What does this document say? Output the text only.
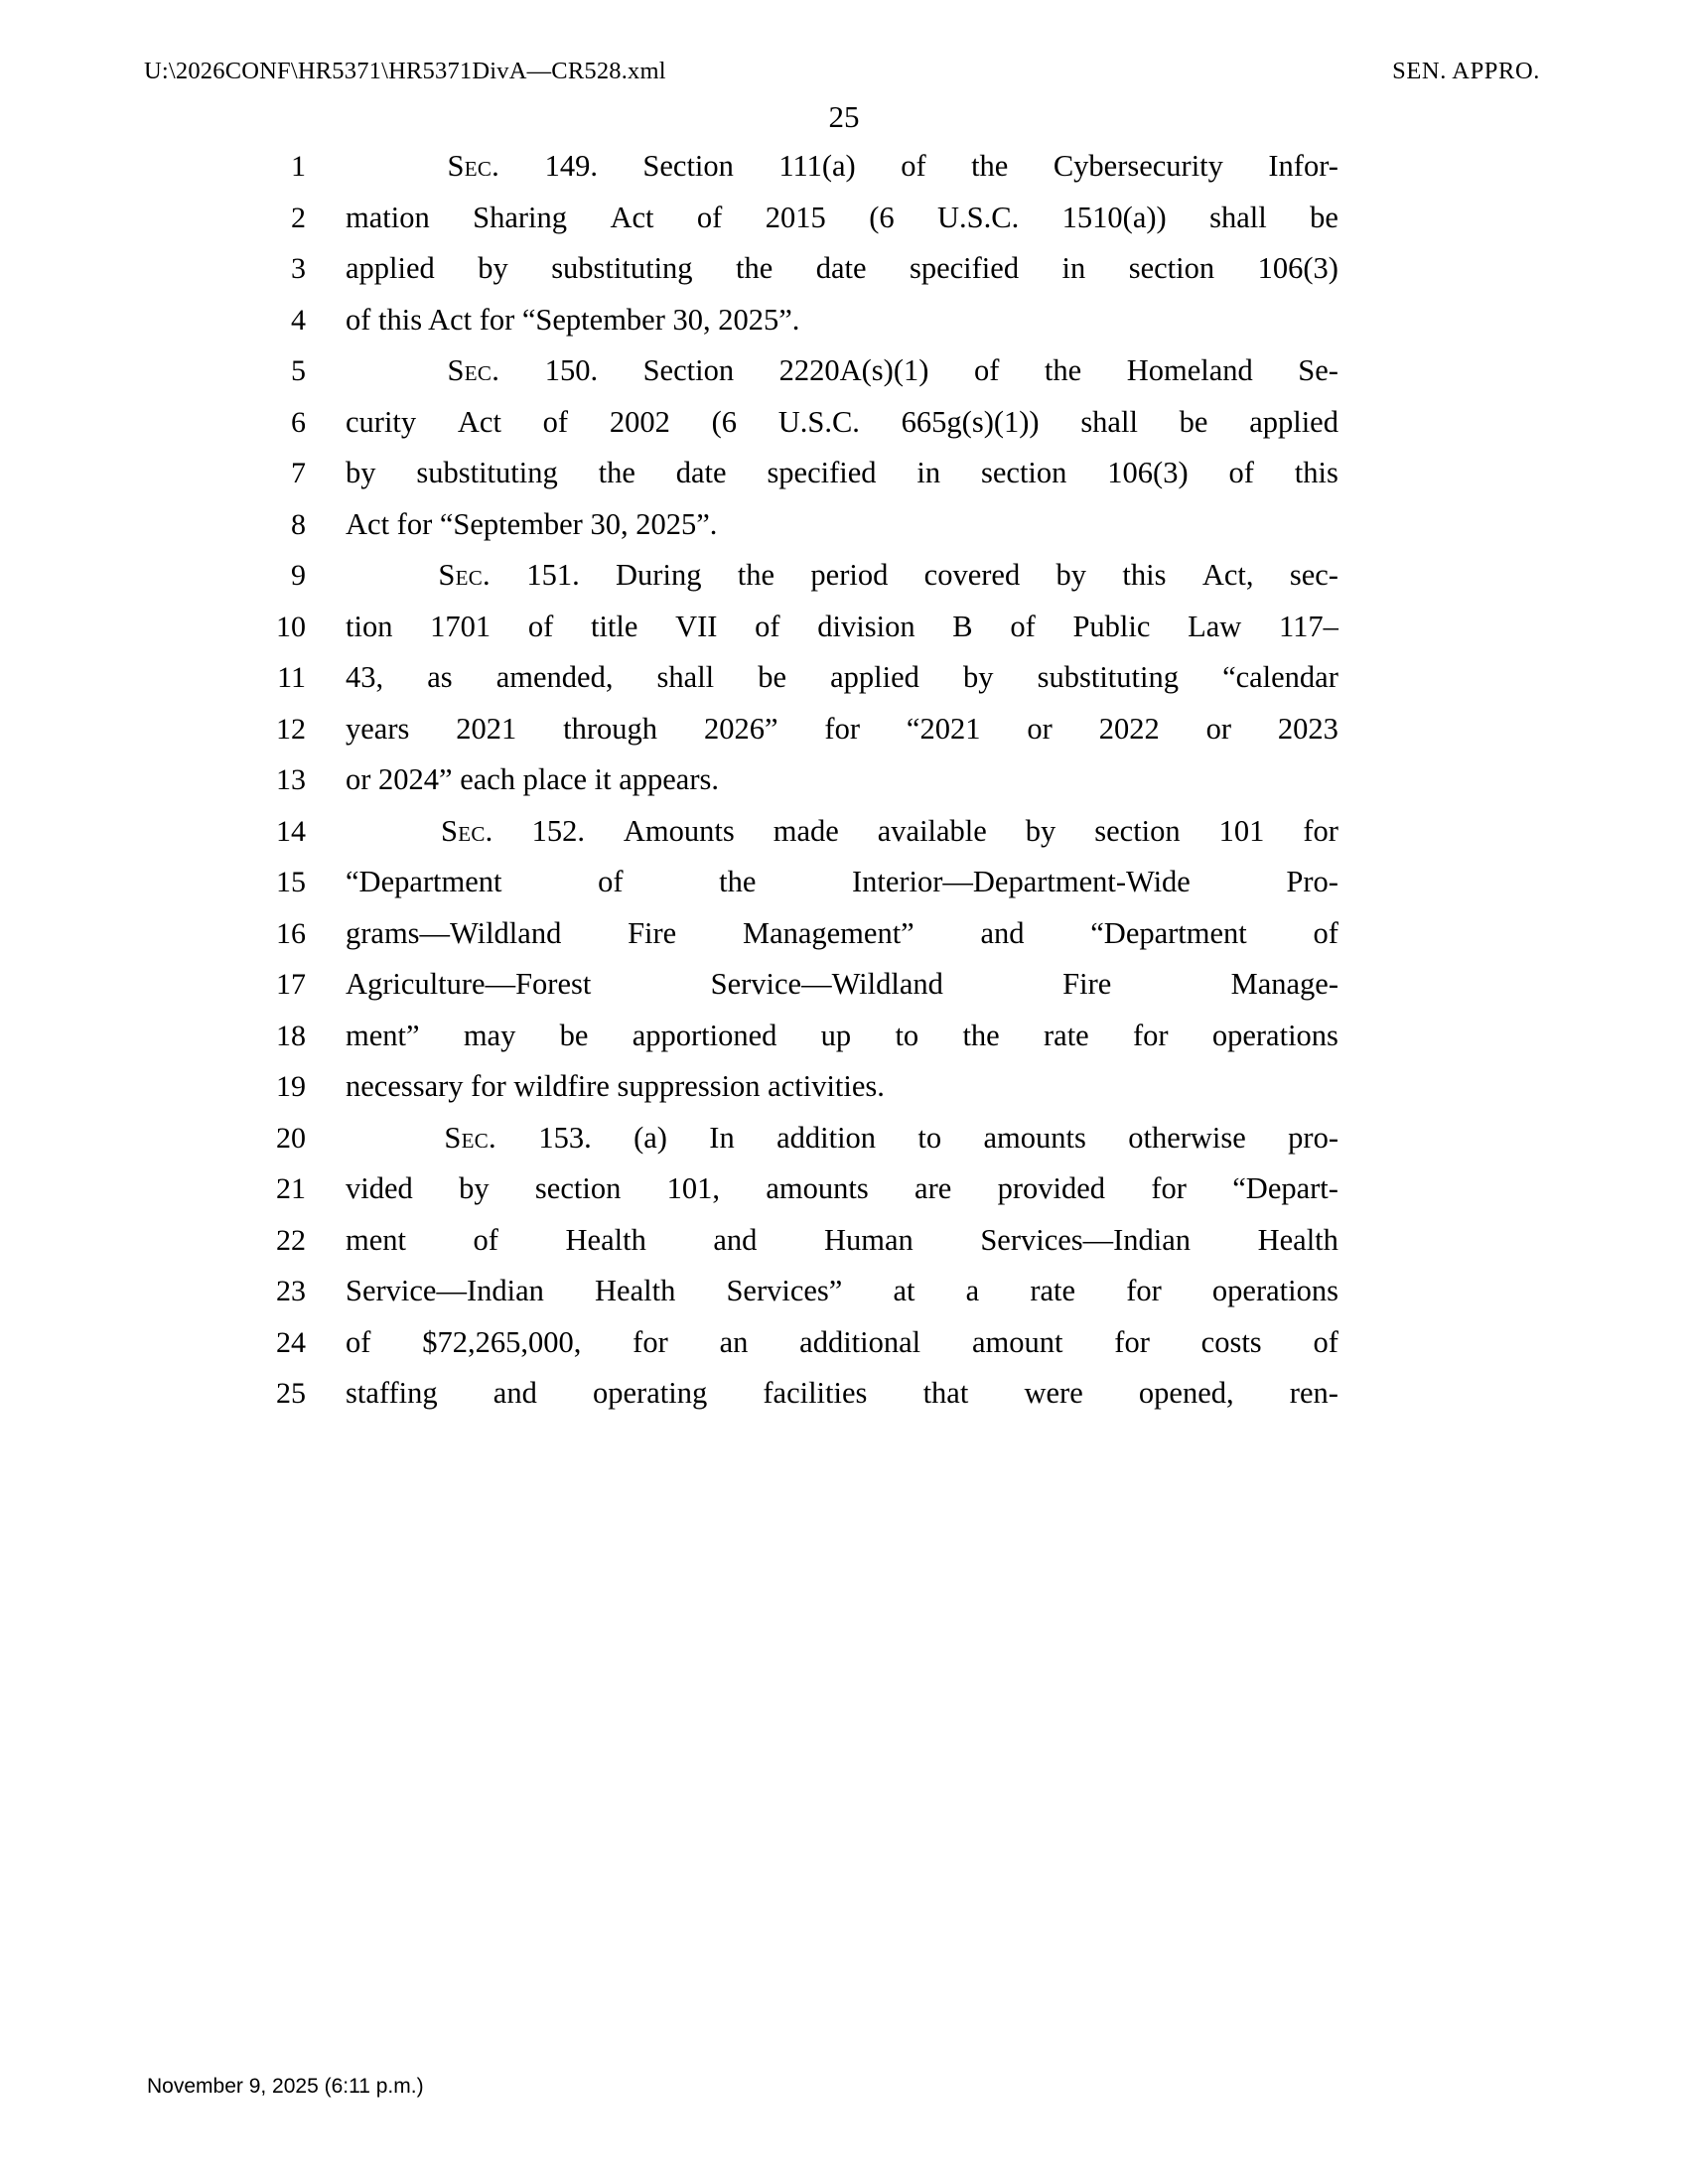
U:\2026CONF\HR5371\HR5371DivA—CR528.xml	SEN. APPRO.
25
1	Sec. 149. Section 111(a) of the Cybersecurity Infor-
2 mation Sharing Act of 2015 (6 U.S.C. 1510(a)) shall be
3 applied by substituting the date specified in section 106(3)
4 of this Act for “September 30, 2025”.
5	Sec. 150. Section 2220A(s)(1) of the Homeland Se-
6 curity Act of 2002 (6 U.S.C. 665g(s)(1)) shall be applied
7 by substituting the date specified in section 106(3) of this
8 Act for “September 30, 2025”.
9	Sec. 151. During the period covered by this Act, sec-
10 tion 1701 of title VII of division B of Public Law 117–
11 43, as amended, shall be applied by substituting “calendar
12 years 2021 through 2026” for “2021 or 2022 or 2023
13 or 2024” each place it appears.
14	Sec. 152. Amounts made available by section 101 for
15 “Department	of	the	Interior—Department-Wide	Pro-
16 grams—Wildland Fire Management” and “Department of
17 Agriculture—Forest	Service—Wildland	Fire	Manage-
18 ment” may be apportioned up to the rate for operations
19 necessary for wildfire suppression activities.
20	Sec. 153. (a) In addition to amounts otherwise pro-
21 vided by section 101, amounts are provided for “Depart-
22 ment of Health and Human Services—Indian Health
23 Service—Indian Health Services” at a rate for operations
24 of $72,265,000, for an additional amount for costs of
25 staffing and operating facilities that were opened, ren-
November 9, 2025 (6:11 p.m.)
